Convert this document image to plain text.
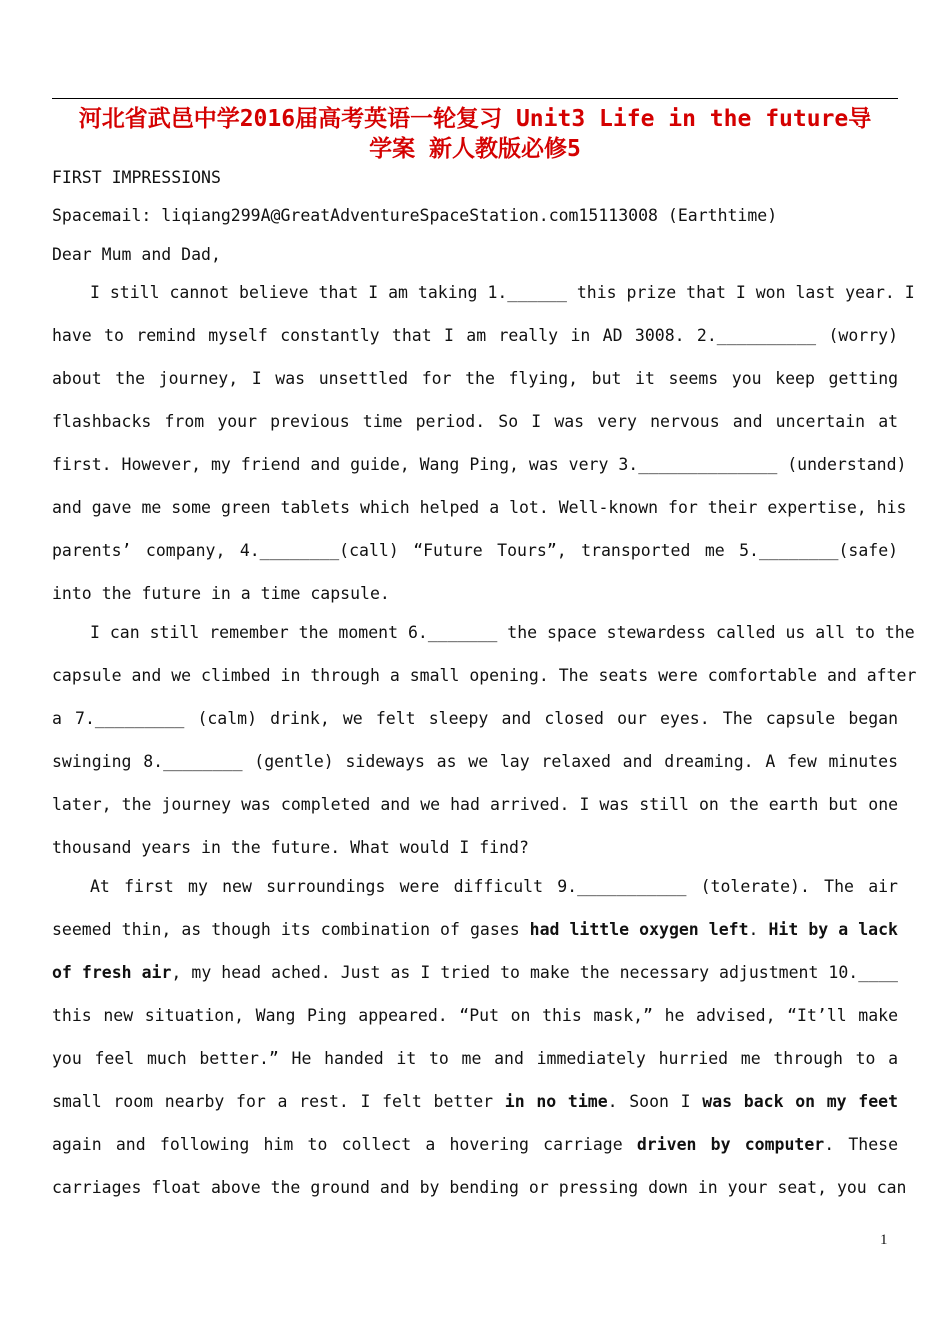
河北省武邑中学2016届高考英语一轮复习 Unit3 Life in the future导
学案 新人教版必修5
FIRST IMPRESSIONS
Spacemail: liqiang299A@GreatAdventureSpaceStation.com15113008 (Earthtime)
Dear Mum and Dad,
I still cannot believe that I am taking 1.______ this prize that I won last year. I
have to remind myself constantly that I am really in AD 3008. 2.__________ (worry)
about the journey, I was unsettled for the flying, but it seems you keep getting
flashbacks from your previous time period. So I was very nervous and uncertain at
first. However, my friend and guide, Wang Ping, was very 3.______________ (understand)
and gave me some green tablets which helped a lot. Well-known for their expertise, his
parents’ company, 4.________(call) “Future Tours”, transported me 5.________(safe)
into the future in a time capsule.
I can still remember the moment 6._______ the space stewardess called us all to the
capsule and we climbed in through a small opening. The seats were comfortable and after
a 7._________ (calm) drink, we felt sleepy and closed our eyes. The capsule began
swinging 8.________ (gentle) sideways as we lay relaxed and dreaming. A few minutes
later, the journey was completed and we had arrived. I was still on the earth but one
thousand years in the future. What would I find?
At first my new surroundings were difficult 9.___________ (tolerate). The air
seemed thin, as though its combination of gases had little oxygen left. Hit by a lack
of fresh air, my head ached. Just as I tried to make the necessary adjustment 10.____
this new situation, Wang Ping appeared. “Put on this mask,” he advised, “It’ll make
you feel much better.” He handed it to me and immediately hurried me through to a
small room nearby for a rest. I felt better in no time. Soon I was back on my feet
again and following him to collect a hovering carriage driven by computer. These
carriages float above the ground and by bending or pressing down in your seat, you can
1
